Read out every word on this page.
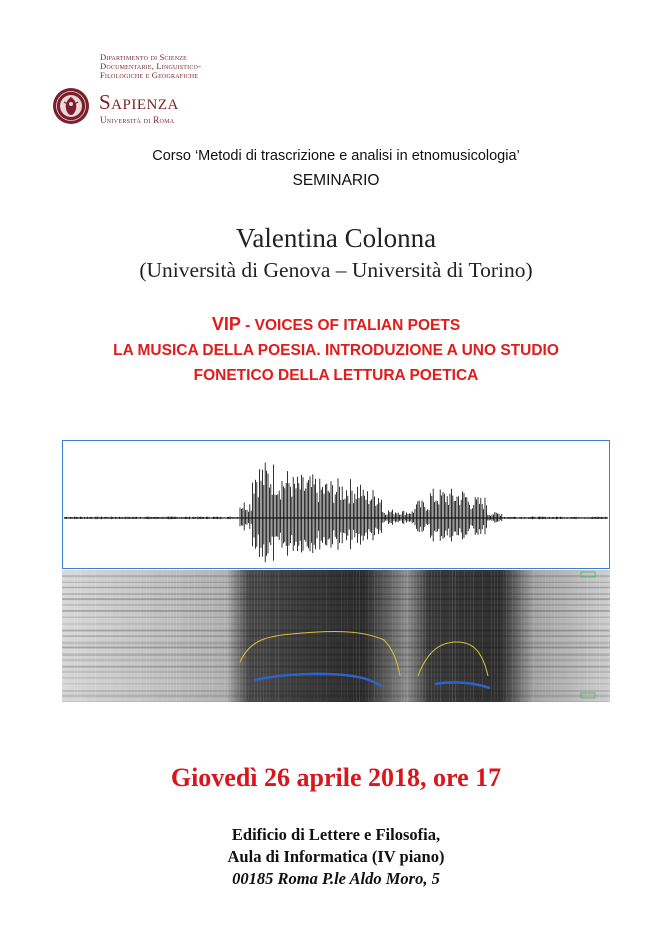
Dipartimento di Scienze
Documentarie, Linguistico-
Filologiche e Geografiche
Sapienza
Università di Roma
Corso ‘Metodi di trascrizione e analisi in etnomusicologia’
SEMINARIO
Valentina Colonna
(Università di Genova – Università di Torino)
VIP - VOICES OF ITALIAN POETS
LA MUSICA DELLA POESIA. INTRODUZIONE A UNO STUDIO
FONETICO DELLA LETTURA POETICA
Giovedì 26 aprile 2018, ore 17
Edificio di Lettere e Filosofia,
Aula di Informatica (IV piano)
00185 Roma P.le Aldo Moro, 5
